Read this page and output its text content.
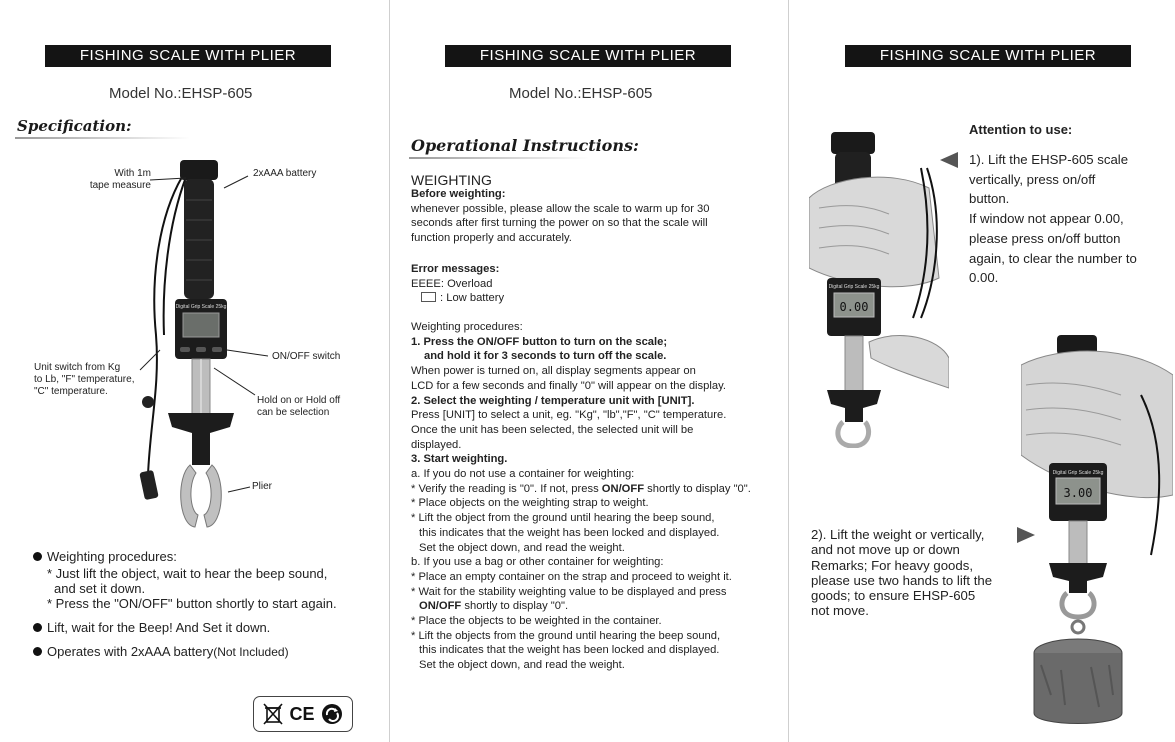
FISHING SCALE WITH PLIER
Model No.:EHSP-605
Specification:
Digital Grip Scale 25kg
With 1m
tape measure
2xAAA battery
Unit switch from Kg
to Lb, "F" temperature,
"C" temperature.
ON/OFF switch
Hold on or Hold off
can be selection
Plier
Weighting procedures:
* Just lift the object, wait to hear the beep sound,
and set it down.
* Press the "ON/OFF" button shortly to start again.
Lift, wait for the Beep! And Set it down.
Operates with 2xAAA battery(Not Included)
CE
FISHING SCALE WITH PLIER
Model No.:EHSP-605
Operational Instructions:
WEIGHTING
Before weighting:
whenever possible, please allow the scale to warm up for 30
seconds after first turning the power on so that the scale will
function properly and accurately.
Error messages:
EEEE: Overload
: Low battery
Weighting procedures:
1. Press the ON/OFF button to turn on the scale;
and hold it for 3 seconds to turn off the scale.
When power is turned on, all display segments appear on
LCD for a few seconds and finally "0" will appear on the display.
2. Select the weighting / temperature unit with [UNIT].
Press [UNIT] to select a unit, eg. "Kg", "lb","F", "C" temperature.
Once the unit has been selected, the selected unit will be
displayed.
3. Start weighting.
a. If you do not use a container for weighting:
* Verify the reading is "0". If not, press ON/OFF shortly to display "0".
* Place objects on the weighting strap to weight.
* Lift the object from the ground until hearing the beep sound,
this indicates that the weight has been locked and displayed.
Set the object down, and read the weight.
b. If you use a bag or other container for weighting:
* Place an empty container on the strap and proceed to weight it.
* Wait for the stability weighting value to be displayed and press
ON/OFF shortly to display "0".
* Place the objects to be weighted in the container.
* Lift the objects from the ground until hearing the beep sound,
this indicates that the weight has been locked and displayed.
Set the object down, and read the weight.
FISHING SCALE WITH PLIER
Attention to use:
Digital Grip Scale 25kg
0.00
1). Lift the EHSP-605 scale
vertically, press on/off
button.
If window not appear 0.00,
please press on/off button
again, to clear the number to
0.00.
2). Lift the weight or vertically,
and not move up or down
Remarks; For heavy goods,
please use two hands to lift the
goods; to ensure EHSP-605
not move.
Digital Grip Scale 25kg
3.00
